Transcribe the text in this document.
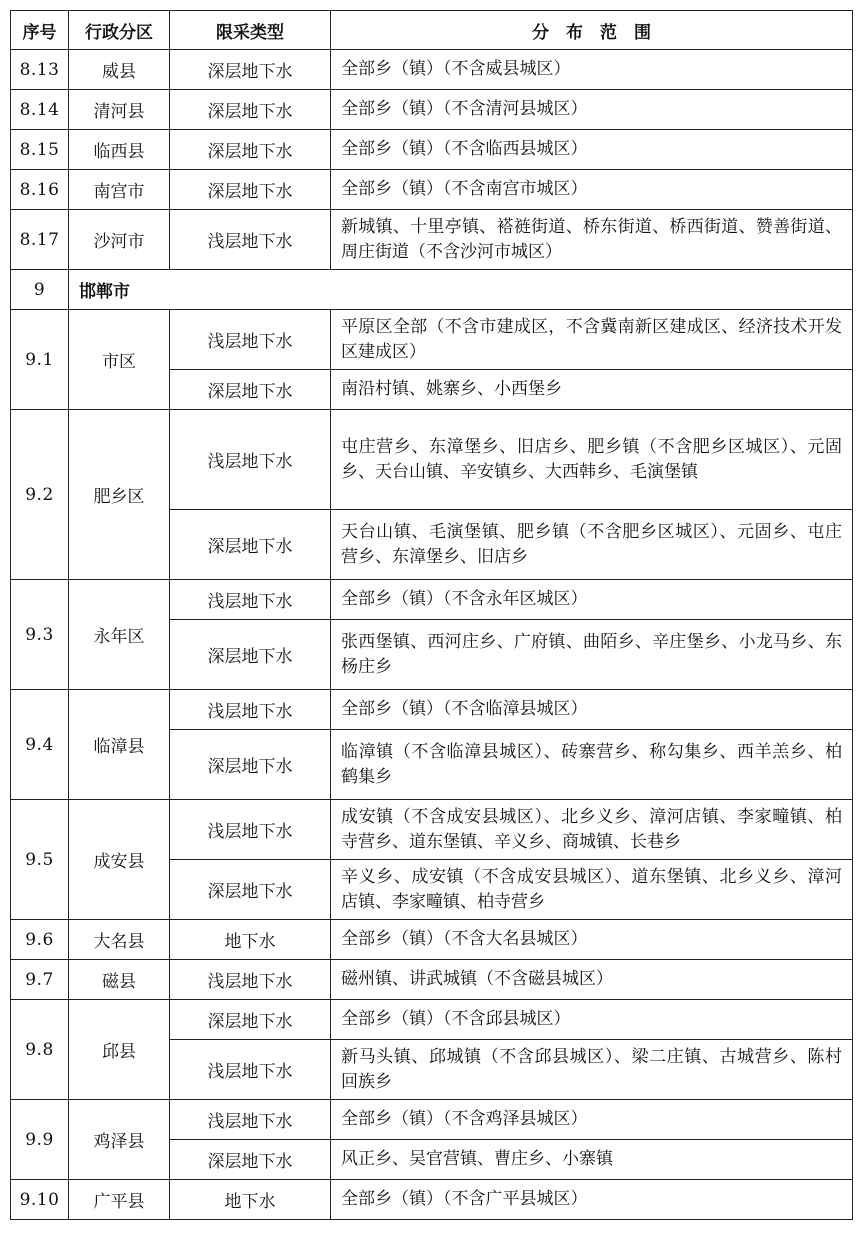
序号	行政分区	限采类型	分　布　范　围
8.13	威县	深层地下水	全部乡（镇）（不含威县城区）
8.14	清河县	深层地下水	全部乡（镇）（不含清河县城区）
8.15	临西县	深层地下水	全部乡（镇）（不含临西县城区）
8.16	南宫市	深层地下水	全部乡（镇）（不含南宫市城区）
8.17	沙河市	浅层地下水	新城镇、十里亭镇、褡裢街道、桥东街道、桥西街道、赞善街道、周庄街道（不含沙河市城区）
9	邯郸市		
9.1	市区	浅层地下水	平原区全部（不含市建成区，不含冀南新区建成区、经济技术开发区建成区）
		深层地下水	南沿村镇、姚寨乡、小西堡乡
9.2	肥乡区	浅层地下水	屯庄营乡、东漳堡乡、旧店乡、肥乡镇（不含肥乡区城区）、元固乡、天台山镇、辛安镇乡、大西韩乡、毛演堡镇
		深层地下水	天台山镇、毛演堡镇、肥乡镇（不含肥乡区城区）、元固乡、屯庄营乡、东漳堡乡、旧店乡
9.3	永年区	浅层地下水	全部乡（镇）（不含永年区城区）
		深层地下水	张西堡镇、西河庄乡、广府镇、曲陌乡、辛庄堡乡、小龙马乡、东杨庄乡
9.4	临漳县	浅层地下水	全部乡（镇）（不含临漳县城区）
		深层地下水	临漳镇（不含临漳县城区）、砖寨营乡、称勾集乡、西羊羔乡、柏鹤集乡
9.5	成安县	浅层地下水	成安镇（不含成安县城区）、北乡义乡、漳河店镇、李家疃镇、柏寺营乡、道东堡镇、辛义乡、商城镇、长巷乡
		深层地下水	辛义乡、成安镇（不含成安县城区）、道东堡镇、北乡义乡、漳河店镇、李家疃镇、柏寺营乡
9.6	大名县	地下水	全部乡（镇）（不含大名县城区）
9.7	磁县	浅层地下水	磁州镇、讲武城镇（不含磁县城区）
9.8	邱县	深层地下水	全部乡（镇）（不含邱县城区）
		浅层地下水	新马头镇、邱城镇（不含邱县城区）、梁二庄镇、古城营乡、陈村回族乡
9.9	鸡泽县	浅层地下水	全部乡（镇）（不含鸡泽县城区）
		深层地下水	风正乡、吴官营镇、曹庄乡、小寨镇
9.10	广平县	地下水	全部乡（镇）（不含广平县城区）
